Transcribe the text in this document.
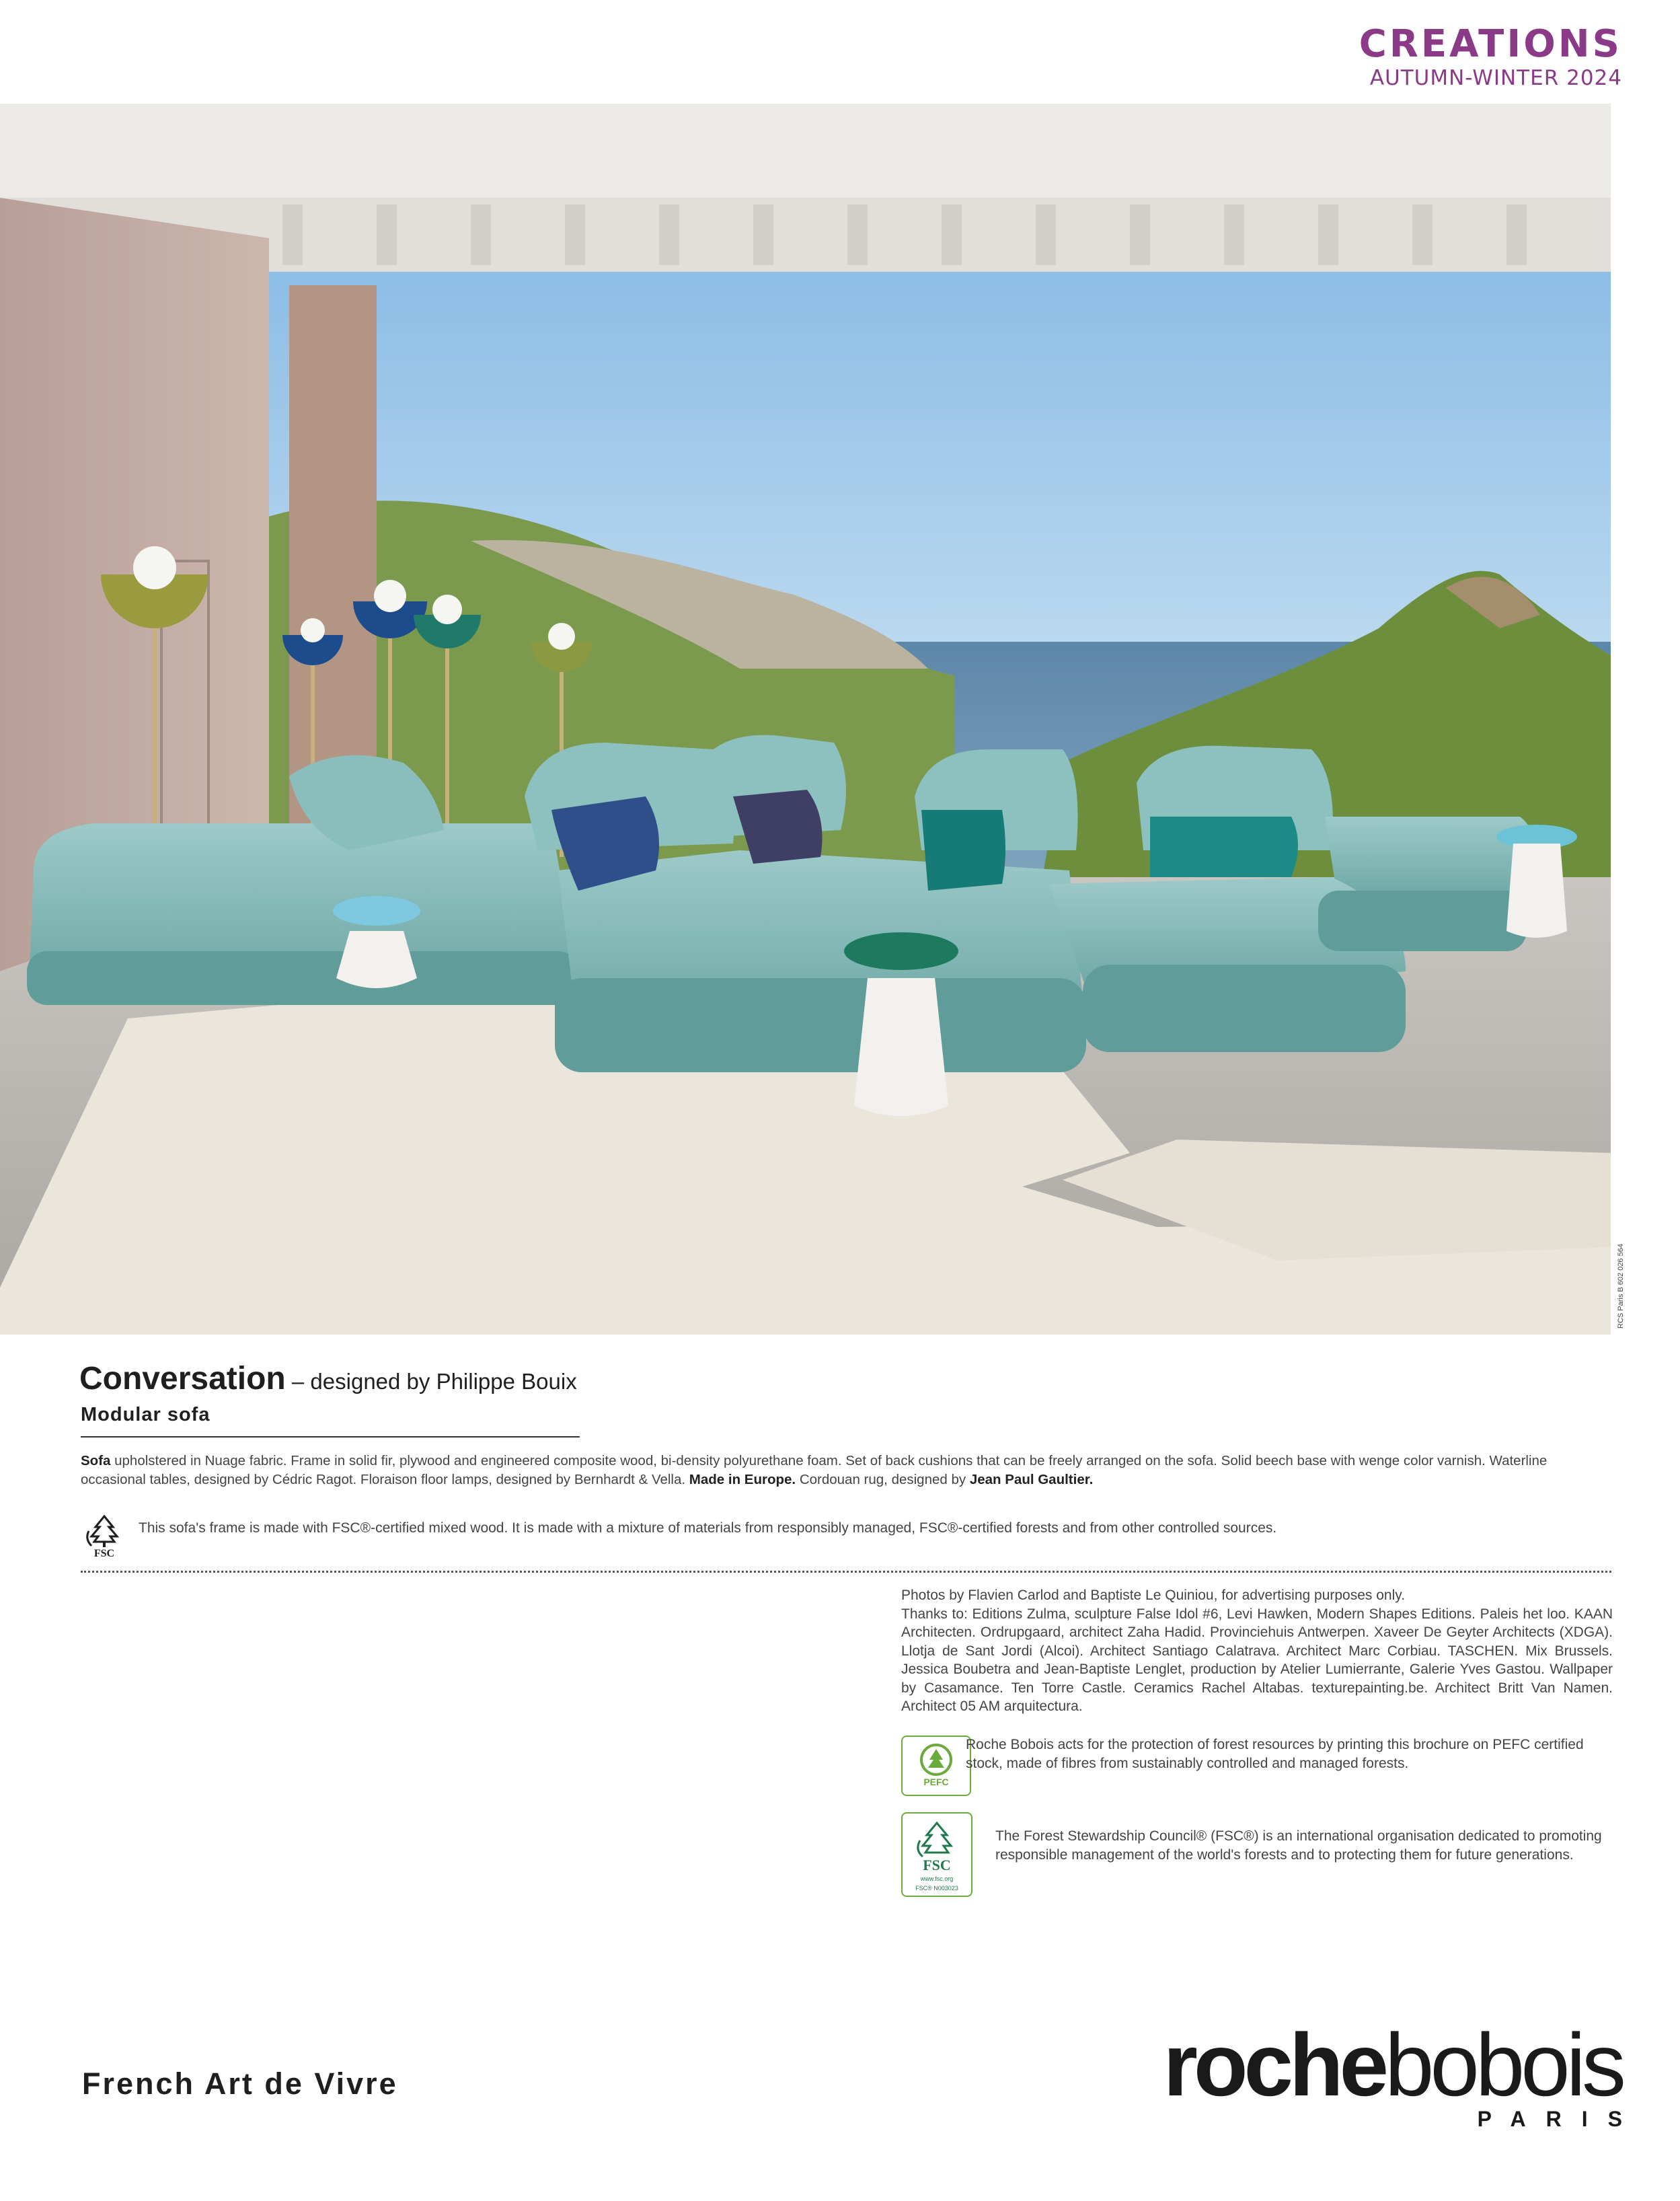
CREATIONS
AUTUMN-WINTER 2024
RCS Paris B 602 026 564
Conversation – designed by Philippe Bouix
Modular sofa
Sofa upholstered in Nuage fabric. Frame in solid fir, plywood and engineered composite wood, bi-density polyurethane foam. Set of back cushions that can be freely arranged on the sofa. Solid beech base with wenge color varnish. Waterline occasional tables, designed by Cédric Ragot. Floraison floor lamps, designed by Bernhardt & Vella. Made in Europe. Cordouan rug, designed by Jean Paul Gaultier.
FSC
This sofa's frame is made with FSC®-certified mixed wood. It is made with a mixture of materials from responsibly managed, FSC®-certified forests and from other controlled sources.
Photos by Flavien Carlod and Baptiste Le Quiniou, for advertising purposes only.
Thanks to: Editions Zulma, sculpture False Idol #6, Levi Hawken, Modern Shapes Editions. Paleis het loo. KAAN Architecten. Ordrupgaard, architect Zaha Hadid. Provinciehuis Antwerpen. Xaveer De Geyter Architects (XDGA). Llotja de Sant Jordi (Alcoi). Architect Santiago Calatrava. Architect Marc Corbiau. TASCHEN. Mix Brussels. Jessica Boubetra and Jean-Baptiste Lenglet, production by Atelier Lumierrante, Galerie Yves Gastou. Wallpaper by Casamance. Ten Torre Castle. Ceramics Rachel Altabas. texturepainting.be. Architect Britt Van Namen. Architect 05 AM arquitectura.
PEFC
Roche Bobois acts for the protection of forest resources by printing this brochure on PEFC certified stock, made of fibres from sustainably controlled and managed forests.
FSC
www.fsc.org
FSC® N003023
The Forest Stewardship Council® (FSC®) is an international organisation dedicated to promoting responsible management of the world's forests and to protecting them for future generations.
French Art de Vivre	rochebobois
PARIS
